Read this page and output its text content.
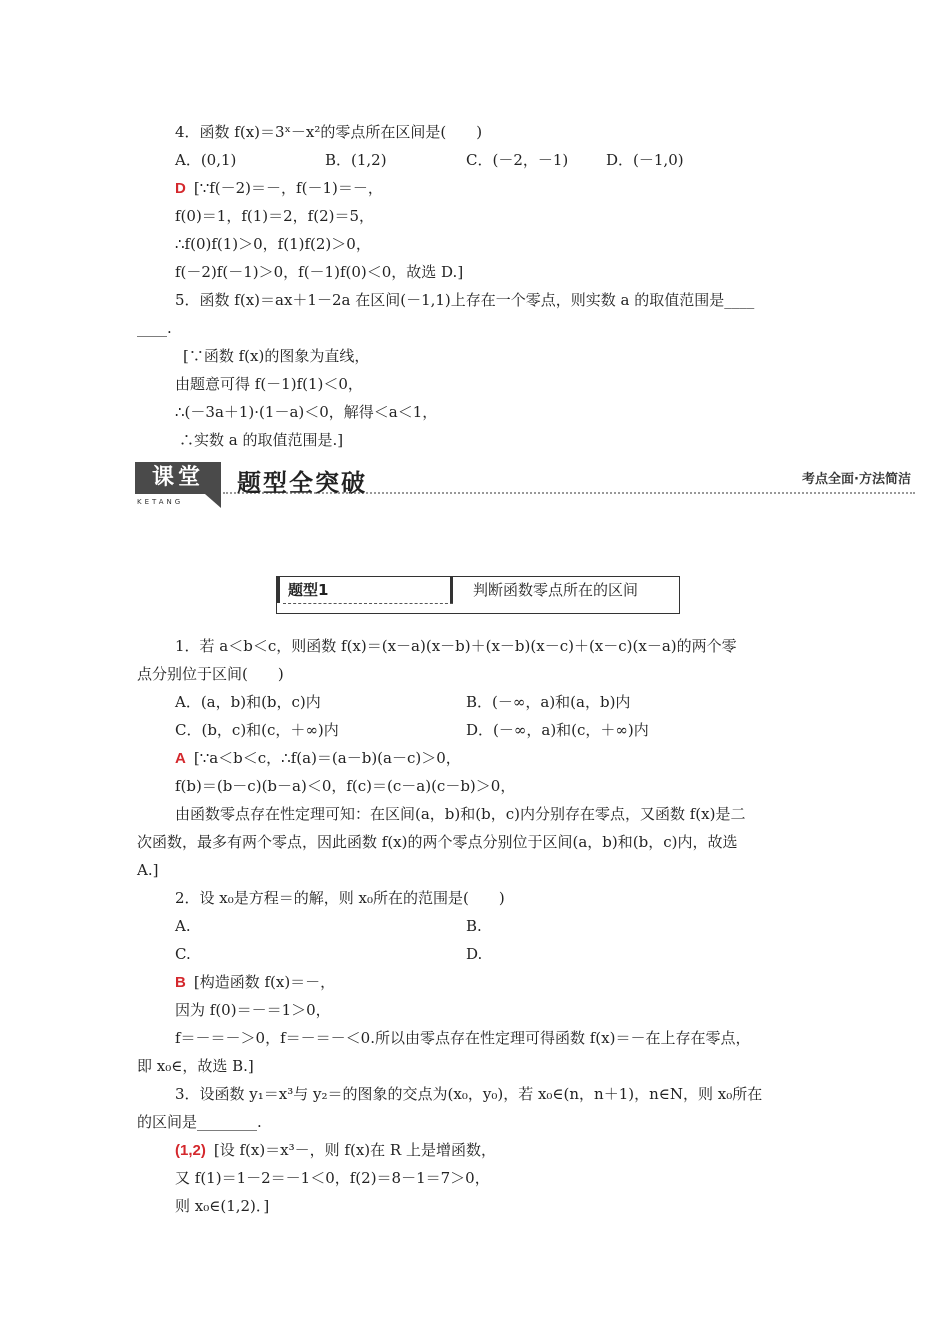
4．函数 f(x)＝3ˣ－x²的零点所在区间是(　　)
A．(0,1)	B．(1,2)	C．(－2，－1)	D．(－1,0)
D [∵f(－2)＝－，f(－1)＝－，
f(0)＝1，f(1)＝2，f(2)＝5，
∴f(0)f(1)＞0，f(1)f(2)＞0，
f(－2)f(－1)＞0，f(－1)f(0)＜0，故选 D.]
5．函数 f(x)＝ax＋1－2a 在区间(－1,1)上存在一个零点，则实数 a 的取值范围是____
____.
[∵函数 f(x)的图象为直线，
由题意可得 f(－1)f(1)＜0，
∴(－3a＋1)·(1－a)＜0，解得＜a＜1，
∴实数 a 的取值范围是.]
课堂
KETANG
题型全突破	考点全面·方法简洁
题型1	判断函数零点所在的区间
1．若 a＜b＜c，则函数 f(x)＝(x－a)(x－b)＋(x－b)(x－c)＋(x－c)(x－a)的两个零
点分别位于区间(　　)
A．(a，b)和(b，c)内	B．(－∞，a)和(a，b)内
C．(b，c)和(c，＋∞)内	D．(－∞，a)和(c，＋∞)内
A [∵a＜b＜c，∴f(a)＝(a－b)(a－c)＞0，
f(b)＝(b－c)(b－a)＜0，f(c)＝(c－a)(c－b)＞0，
由函数零点存在性定理可知：在区间(a，b)和(b，c)内分别存在零点，又函数 f(x)是二
次函数，最多有两个零点，因此函数 f(x)的两个零点分别位于区间(a，b)和(b，c)内，故选
A.]
2．设 x₀是方程＝的解，则 x₀所在的范围是(　　)
A.	B.
C.	D.
B [构造函数 f(x)＝－，
因为 f(0)＝－＝1＞0，
f＝－＝－＞0，f＝－＝－＜0.所以由零点存在性定理可得函数 f(x)＝－在上存在零点，
即 x₀∈，故选 B.]
3．设函数 y₁＝x³与 y₂＝的图象的交点为(x₀，y₀)，若 x₀∈(n，n＋1)，n∈N，则 x₀所在
的区间是________.
(1,2) [设 f(x)＝x³－，则 f(x)在 R 上是增函数，
又 f(1)＝1－2＝－1＜0，f(2)＝8－1＝7＞0，
则 x₀∈(1,2)．]
